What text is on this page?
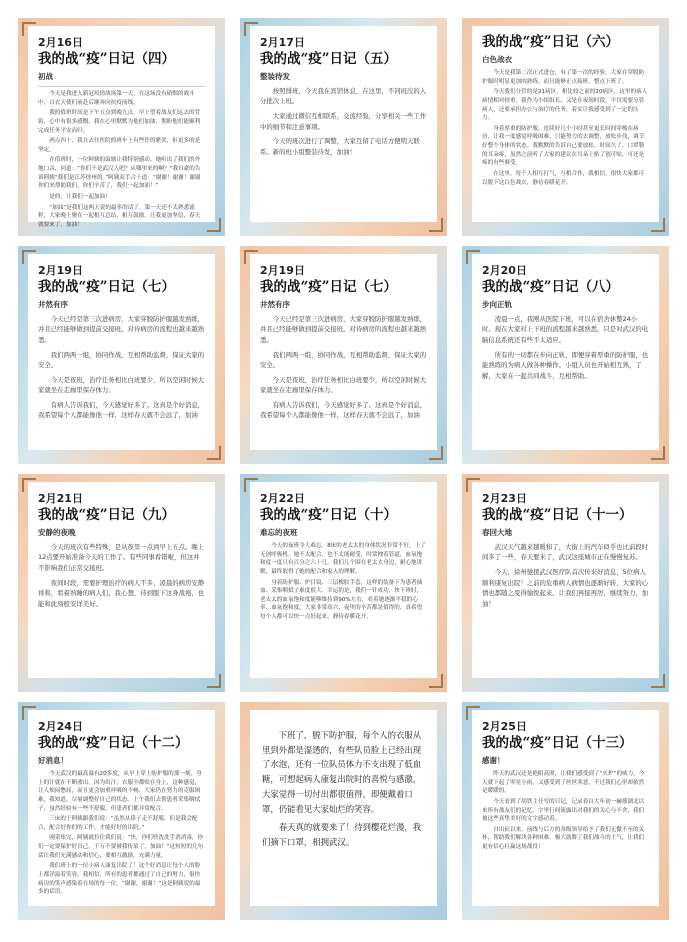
2月16日
我的战“疫”日记（四）
初战

今天是我进入新冠疫情战场第一天。在这场没有硝烟的战斗中，白衣天使们前赴后继奔向抗疫前线。

我的值班时间是下午五点到晚九点。早上望着战友们远去的背影，心中有很多感慨，我在心里默默为他们加油，期盼他们能顺利完成任务平安而归。

两点四十，我在去往医院的班车上有些许的紧张，但更多的是坚定。

在值班时，一位阿姨的鼓励让我特别感动。她听出了我们的外地口音，问道：“你们不是武汉人吧？从哪里来的啊？”我自豪的告诉阿姨“我们是江苏徐州的。”阿姨双手合十道：“谢谢！谢谢！谢谢你们来帮助我们，你们辛苦了，我们一起加油！”

是的，让我们一起加油！

“加油”是我们这两天说的最多的话了。第一天还不太熟悉流程，大家晚上聚在一起相互总结，相互鼓励，让我更加坚信，春天就要来了，加油！

2月17日
我的战“疫”日记（五）
整装待发

按照排班，今天我在宾馆休息，在这里，不同班次的人分批次上班。

大家通过微信互相联系，交流经验，分享相关一些工作中的细节和注意事项。

今天的班次进行了调整，大家互留了电话方便明天联系。新的班小组整装待发，加油！

我的战“疫”日记（六）
白色战衣

今天是我第二次正式进仓，有了第一次的经验，大家在穿脱防护服时明显更加的熟练。而且能够正点接班，整点下班了。

今天我们分管的是21病区，相比较之前的20病区，这里的病人病情相对较重。我作为小组组长，又是在夜间时段，不仅需要分管病人，还要承担办公与治疗的任务，着实让我感受到了一定的压力。

身着厚重的防护服，连续好几个小时甚至更长时间穿梭在病房，让我一度感觉呼吸困难，只能努力的去调整，放松步伐，调节好整个身体的状态。我默默的告诉自己要放松。时间久了，口罩勒的耳朵疼，虽然之前听了大家的建议在耳朵上贴了创可贴，可还是疼的有些难受。

在这里，每个人相互打气，互相合作，我相信，很快大家都可以脱下这白色战衣，静待春暖花开。

2月19日
我的战“疫”日记（七）
井然有序

今天已经是第三次进病房，大家穿脱防护服越发熟练，并且已经能够做到提前交接班。对待病房的流程也越来越熟悉。

我们两两一组，协同作战，互相帮助监督，保证大家的安全。

今天是夜班，治疗任务相比白班要少，所以空闲时候大家就坐在走廊里保存体力。

有病人告诉我们，今天感觉好多了。这真是个好消息，我希望每个人都能像他一样，这样春天就不会远了，加油

2月19日
我的战“疫”日记（七）
井然有序

今天已经是第三次进病房，大家穿脱防护服越发熟练，并且已经能够做到提前交接班。对待病房的流程也越来越熟悉。

我们两两一组，协同作战，互相帮助监督，保证大家的安全。

今天是夜班，治疗任务相比白班要少，所以空闲时候大家就坐在走廊里保存体力。

有病人告诉我们，今天感觉好多了。这真是个好消息，我希望每个人都能像他一样，这样春天就不会远了，加油

2月20日
我的战“疫”日记（八）
步向正轨

凌晨一点，我刚从医院下班，可以在宿舍休整24小时。现在大家对上下班的流程越来越熟悉，只是对武汉的电脑信息系统还有些不太适应。

所有的一切都在步向正轨，即便穿着厚重的防护服，也能熟练的为病人做各种操作。小组人员也开始相互熟，了解，大家在一起共同战斗，互相帮助。

2月21日
我的战“疫”日记（九）
安静的夜晚

今天的班次有些特殊，是从夜里一点到早上五点。晚上12点要开始准备今天的工作了。有些同事看错啦，但这并不影响我们正常交接班。

夜间时段，需要护理治疗的病人不多，凌晨的病房安静祥和，看着熟睡的病人们，我心想，待到脱下这身战袍，也能和此刻般安详美好。

2月22日
我的战“疫”日记（十）
难忘的夜班

今天的夜班令人难忘。8床的老太太的身体状况非常不好，上了无创呼吸机。她不太配合，也不太能耐受，时常拽着管道，血氧饱和度一度只有百分之六十几。我们几个围在老太太身边，耐心地讲解，最终取得了她的配合和家人的理解。

身着防护服、护目镜、三层橡胶手套，这样的装备下为患者抽血、采集咽拭子难度很大，幸运的是，我们一针成功，快下班时，老太太的血氧饱和度能够维持到90%左右，看着她逐渐平稳的心率、血氧饱和度，大家非常高兴，夜里的辛苦都是值得的，真希望每个人都可以快一点好起来，静待春暖花开。

2月23日
我的战“疫”日记（十一）
春回大地

武汉天气越来越暖和了，大街上的汽车似乎也比前段时间多了一些，春天要来了，武汉这座城市正在慢慢复苏。

今天，徐州驰援武汉医疗队首次传来好消息，5位病人顺利康复出院！之前的危重病人病情也逐渐好转，大家的心情也都随之变得愉悦起来。让我们再接再厉，继续努力，加油！

2月24日
我的战“疫”日记（十二）
好消息！

今天武汉的最高温有20多度，从早上穿上防护服的那一刻，身上的汗就在不断渗出。因为出汗，衣服全都贴在身上，这种感觉，让人烦闷憋屈，而且更会加重呼吸的不畅，大家仍在努力的克服困难，我知道，尽量调整好自己的状态。上午我们去帮患者采集咽拭子，虽然经验有一些不舒服，但患者们都非常配合。

三床的王阿姨跟我们说：“虽然从鼻子走不舒服，但是我会配合，配合好你们的工作，才能好好的出院。”

刚采集完，阿姨就拉住我们说：“快，你们快洗洗手消消毒，你们一定要保护好自己，千万不要被我传染了，加油！”这短短的几句话让我们充满感动和信心，要相互激励，充满力量。

我们班上的一位小病人康复出院了！这个好消息让每个人的脸上都洋溢着笑容，我相信，所有的患者都通过了自己的努力，很快病房的笑声感染着在场的每一位。“谢谢，谢谢！”这是阿姨说的最多的话语。

下班了，脱下防护服，每个人的衣服从里到外都是湿透的，有些队员脸上已经出现了水泡，还有一位队员体力不支出现了低血糖，可想起病人康复出院时的喜悦与感激，大家觉得一切付出都很值得，即便戴着口罩，仍能看见大家灿烂的笑容。

春天真的就要来了！待到樱花烂漫，我们摘下口罩，相拥武汉。

2月25日
我的战“疫”日记（十三）
感谢！

昨天的武汉还是艳阳高照，让我们感受到了“火炉”的威力，今天就下起了零星小雨，又感受到了丝丝寒意。不过我们心里却依然是暖暖的。

今天看到了胡铁主任写的日记，记录着自大年初一赫援湖北以来所有战友们的记忆，字里行间流露出对我们的关心与不舍，我们被这些真挚美好的文字感动着。

自出征以来，前线与后方的各级领导给予了我们无微不至的关怀，帮助我们解决各种困难，极大鼓舞了我们战斗的士气，让我们更有信心打赢这场战役！
